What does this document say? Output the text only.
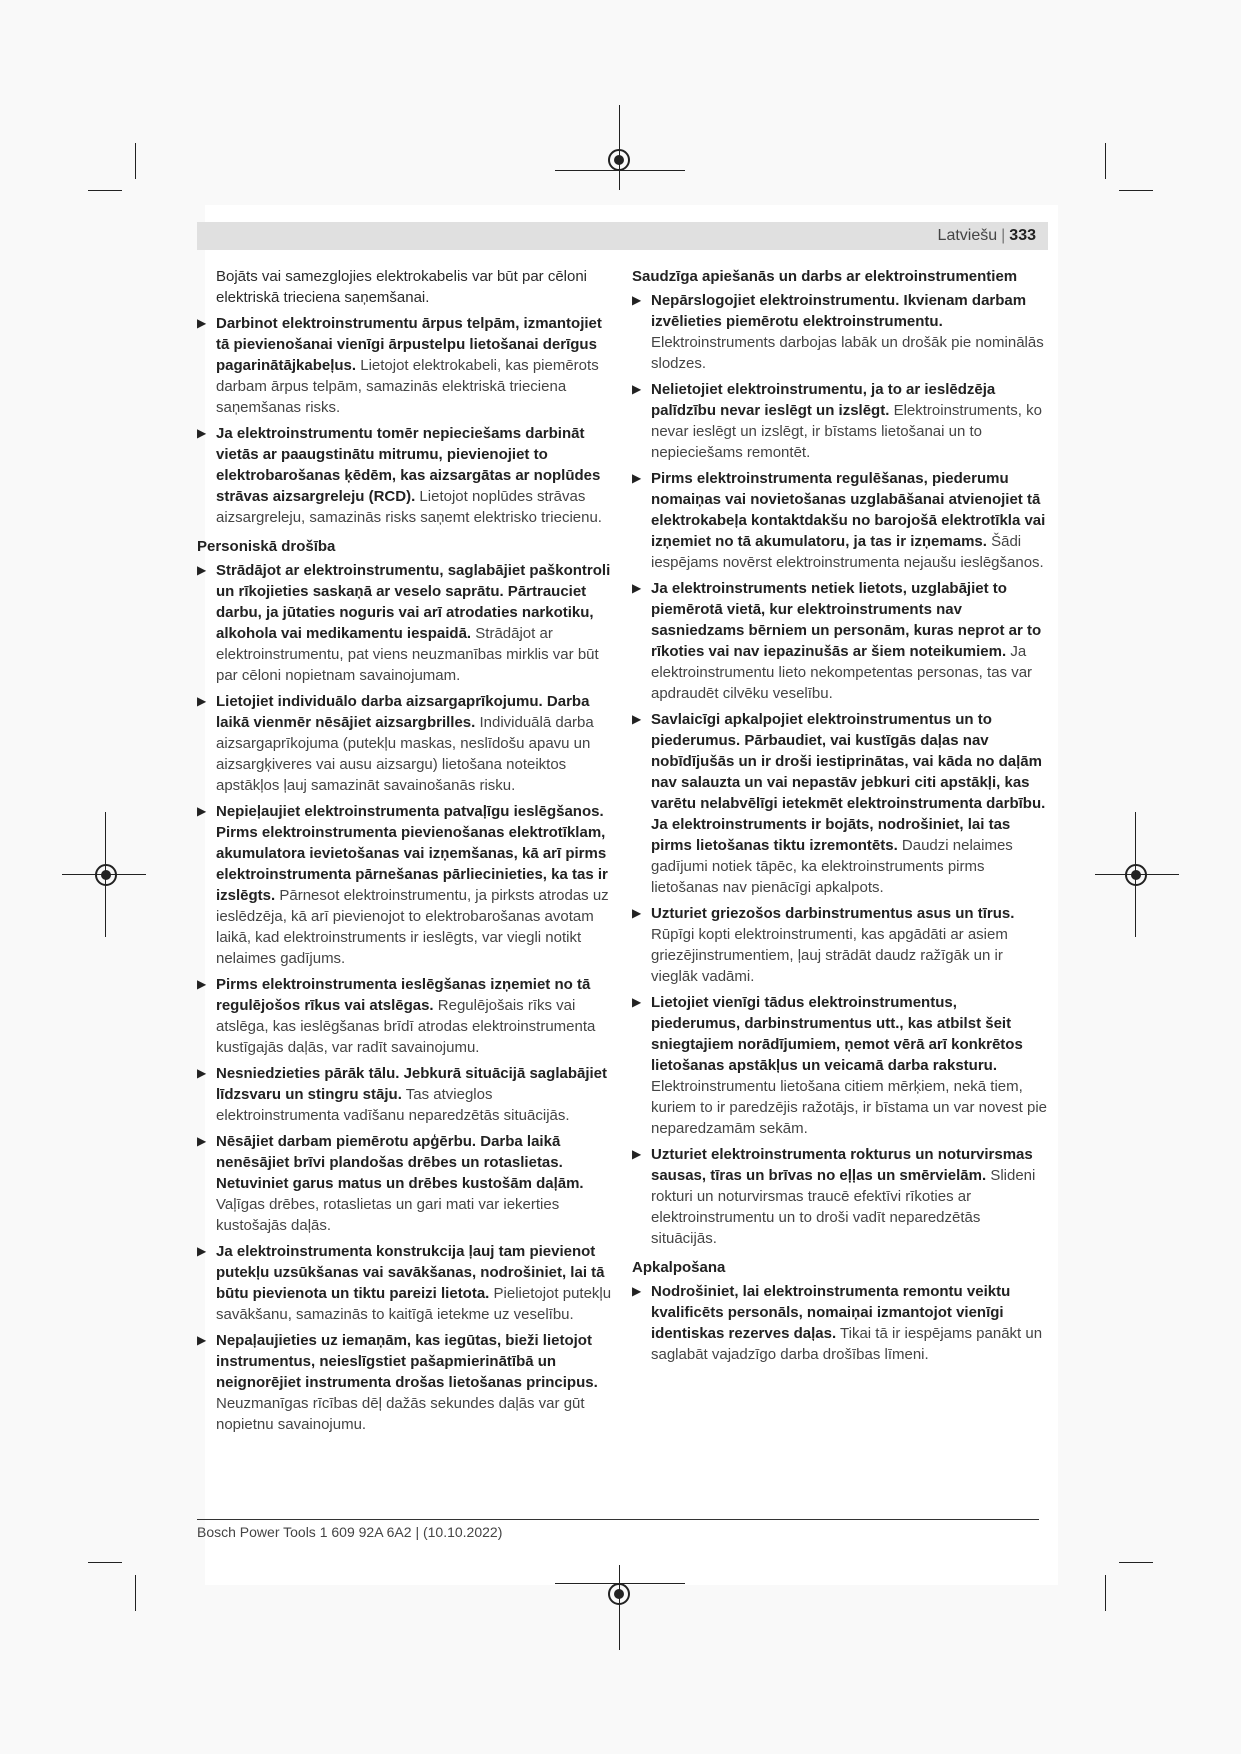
Latviešu | 333
Bojāts vai samezglojies elektrokabelis var būt par cēloni elektriskā trieciena saņemšanai.
▶ Darbinot elektroinstrumentu ārpus telpām, izmantojiet tā pievienošanai vienīgi ārpustelpu lietošanai derīgus pagarinātājkabeļus. Lietojot elektrokabeli, kas piemērots darbam ārpus telpām, samazinās elektriskā trieciena saņemšanas risks.
▶ Ja elektroinstrumentu tomēr nepieciešams darbināt vietās ar paaugstinātu mitrumu, pievienojiet to elektrobarošanas ķēdēm, kas aizsargātas ar noplūdes strāvas aizsargreleju (RCD). Lietojot noplūdes strāvas aizsargreleju, samazinās risks saņemt elektrisko triecienu.
Personiskā drošība
▶ Strādājot ar elektroinstrumentu, saglabājiet paškontroli un rīkojieties saskaņā ar veselo saprātu. Pārtrauciet darbu, ja jūtaties noguris vai arī atrodaties narkotiku, alkohola vai medikamentu iespaidā. Strādājot ar elektroinstrumentu, pat viens neuzmanības mirklis var būt par cēloni nopietnam savainojumam.
▶ Lietojiet individuālo darba aizsargaprīkojumu. Darba laikā vienmēr nēsājiet aizsargbrilles. Individuālā darba aizsargaprīkojuma (putekļu maskas, neslīdošu apavu un aizsargķiveres vai ausu aizsargu) lietošana noteiktos apstākļos ļauj samazināt savainošanās risku.
▶ Nepieļaujiet elektroinstrumenta patvaļīgu ieslēgšanos. Pirms elektroinstrumenta pievienošanas elektrotīklam, akumulatora ievietošanas vai izņemšanas, kā arī pirms elektroinstrumenta pārnešanas pārliecinieties, ka tas ir izslēgts. Pārnesot elektroinstrumentu, ja pirksts atrodas uz ieslēdzēja, kā arī pievienojot to elektrobarošanas avotam laikā, kad elektroinstruments ir ieslēgts, var viegli notikt nelaimes gadījums.
▶ Pirms elektroinstrumenta ieslēgšanas izņemiet no tā regulējošos rīkus vai atslēgas. Regulējošais rīks vai atslēga, kas ieslēgšanas brīdī atrodas elektroinstrumenta kustīgajās daļās, var radīt savainojumu.
▶ Nesniedzieties pārāk tālu. Jebkurā situācijā saglabājiet līdzsvaru un stingru stāju. Tas atvieglos elektroinstrumenta vadīšanu neparedzētās situācijās.
▶ Nēsājiet darbam piemērotu apģērbu. Darba laikā nenēsājiet brīvi plandošas drēbes un rotaslietas. Netuviniet garus matus un drēbes kustošām daļām. Vaļīgas drēbes, rotaslietas un gari mati var iekerties kustošajās daļās.
▶ Ja elektroinstrumenta konstrukcija ļauj tam pievienot putekļu uzsūkšanas vai savākšanas, nodrošiniet, lai tā būtu pievienota un tiktu pareizi lietota. Pielietojot putekļu savākšanu, samazinās to kaitīgā ietekme uz veselību.
▶ Nepaļaujieties uz iemaņām, kas iegūtas, bieži lietojot instrumentus, neieslīgstiet pašapmierinātībā un neignorējiet instrumenta drošas lietošanas principus. Neuzmanīgas rīcības dēļ dažās sekundes daļās var gūt nopietnu savainojumu.
Saudzīga apiešanās un darbs ar elektroinstrumentiem
▶ Nepārslogojiet elektroinstrumentu. Ikvienam darbam izvēlieties piemērotu elektroinstrumentu. Elektroinstruments darbojas labāk un drošāk pie nominālās slodzes.
▶ Nelietojiet elektroinstrumentu, ja to ar ieslēdzēja palīdzību nevar ieslēgt un izslēgt. Elektroinstruments, ko nevar ieslēgt un izslēgt, ir bīstams lietošanai un to nepieciešams remontēt.
▶ Pirms elektroinstrumenta regulēšanas, piederumu nomaiņas vai novietošanas uzglabāšanai atvienojiet tā elektrokabeļa kontaktdakšu no barojošā elektrotīkla vai izņemiet no tā akumulatoru, ja tas ir izņemams. Šādi iespējams novērst elektroinstrumenta nejaušu ieslēgšanos.
▶ Ja elektroinstruments netiek lietots, uzglabājiet to piemērotā vietā, kur elektroinstruments nav sasniedzams bērniem un personām, kuras neprot ar to rīkoties vai nav iepazinušās ar šiem noteikumiem. Ja elektroinstrumentu lieto nekompetentas personas, tas var apdraudēt cilvēku veselību.
▶ Savlaicīgi apkalpojiet elektroinstrumentus un to piederumus. Pārbaudiet, vai kustīgās daļas nav nobīdījušās un ir droši iestiprinātas, vai kāda no daļām nav salauzta un vai nepastāv jebkuri citi apstākļi, kas varētu nelabvēlīgi ietekmēt elektroinstrumenta darbību. Ja elektroinstruments ir bojāts, nodrošiniet, lai tas pirms lietošanas tiktu izremontēts. Daudzi nelaimes gadījumi notiek tāpēc, ka elektroinstruments pirms lietošanas nav pienācīgi apkalpots.
▶ Uzturiet griezošos darbinstrumentus asus un tīrus. Rūpīgi kopti elektroinstrumenti, kas apgādāti ar asiem griezējinstrumentiem, ļauj strādāt daudz ražīgāk un ir vieglāk vadāmi.
▶ Lietojiet vienīgi tādus elektroinstrumentus, piederumus, darbinstrumentus utt., kas atbilst šeit sniegtajiem norādījumiem, ņemot vērā arī konkrētos lietošanas apstākļus un veicamā darba raksturu. Elektroinstrumentu lietošana citiem mērķiem, nekā tiem, kuriem to ir paredzējis ražotājs, ir bīstama un var novest pie neparedzamām sekām.
▶ Uzturiet elektroinstrumenta rokturus un noturvirsmas sausas, tīras un brīvas no eļļas un smērvielām. Slideni rokturi un noturvirsmas traucē efektīvi rīkoties ar elektroinstrumentu un to droši vadīt neparedzētās situācijās.
Apkalpošana
▶ Nodrošiniet, lai elektroinstrumenta remontu veiktu kvalificēts personāls, nomaiņai izmantojot vienīgi identiskas rezerves daļas. Tikai tā ir iespējams panākt un saglabāt vajadzīgo darba drošības līmeni.
Bosch Power Tools 1 609 92A 6A2 | (10.10.2022)
